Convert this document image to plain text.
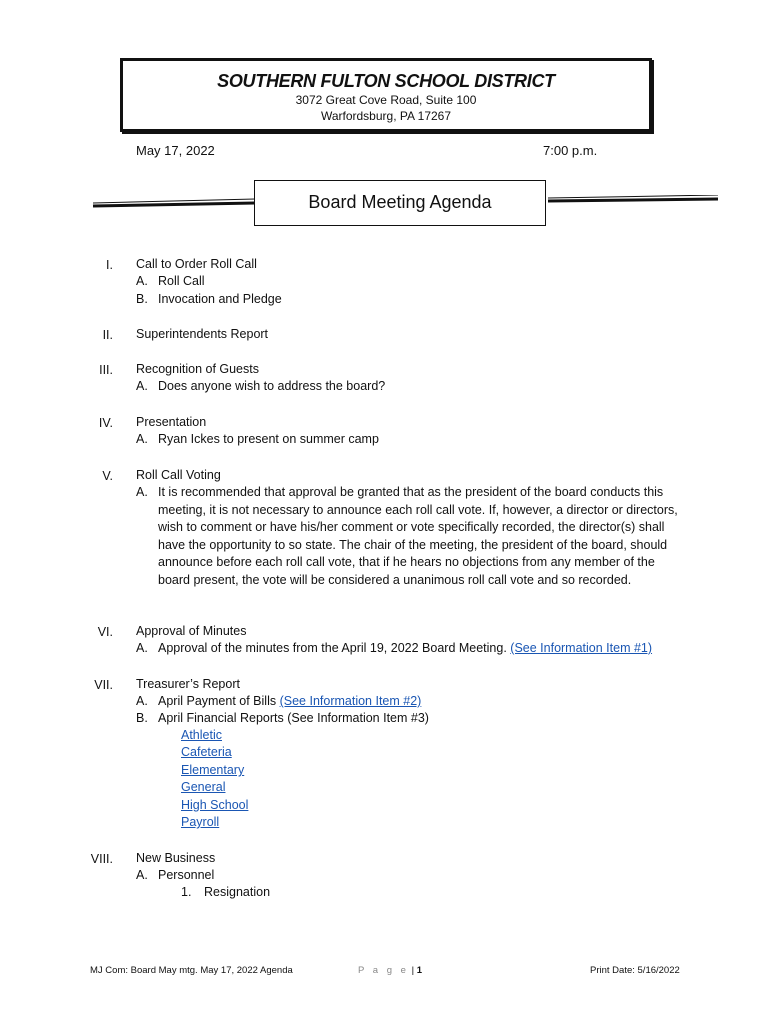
SOUTHERN FULTON SCHOOL DISTRICT
3072 Great Cove Road, Suite 100
Warfordsburg, PA 17267
May 17, 2022	7:00 p.m.
Board Meeting Agenda
I. Call to Order Roll Call
A. Roll Call
B. Invocation and Pledge
II. Superintendents Report
III. Recognition of Guests
A. Does anyone wish to address the board?
IV. Presentation
A. Ryan Ickes to present on summer camp
V. Roll Call Voting
A. It is recommended that approval be granted that as the president of the board conducts this meeting, it is not necessary to announce each roll call vote. If, however, a director or directors, wish to comment or have his/her comment or vote specifically recorded, the director(s) shall have the opportunity to so state. The chair of the meeting, the president of the board, should announce before each roll call vote, that if he hears no objections from any member of the board present, the vote will be considered a unanimous roll call vote and so recorded.
VI. Approval of Minutes
A. Approval of the minutes from the April 19, 2022 Board Meeting. (See Information Item #1)
VII. Treasurer’s Report
A. April Payment of Bills (See Information Item #2)
B. April Financial Reports (See Information Item #3)
Athletic
Cafeteria
Elementary
General
High School
Payroll
VIII. New Business
A. Personnel
1. Resignation
MJ Com: Board May mtg. May 17, 2022 Agenda	P a g e | 1	Print Date: 5/16/2022
